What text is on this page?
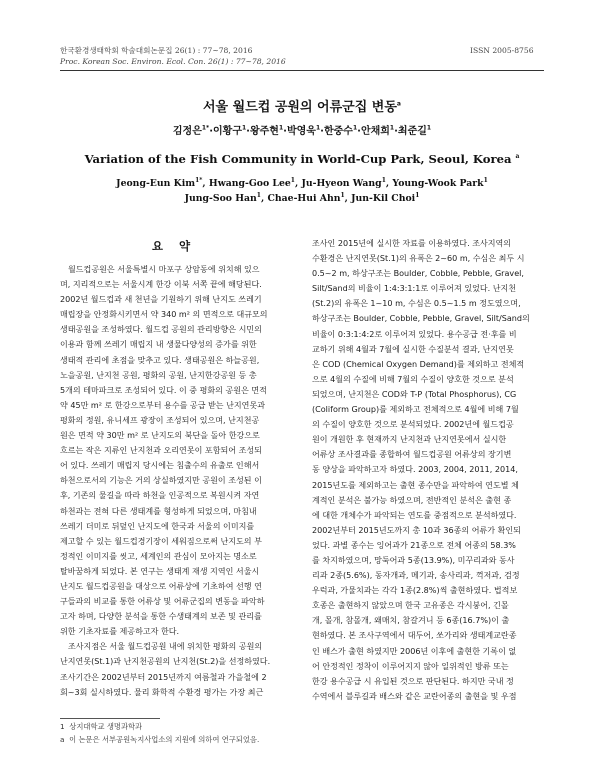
한국환경생태학회 학술대회논문집 26(1) : 77~78, 2016
Proc. Korean Soc. Environ. Ecol. Con. 26(1) : 77~78, 2016
ISSN 2005-8756
서울 월드컵 공원의 어류군집 변동$^a$
김정은$^{1*}$·이황구$^1$·왕주현$^1$·박영욱$^1$·한중수$^1$·안채희$^1$·최준길$^1$
Variation of the Fish Community in World-Cup Park, Seoul, Korea $^a$
Jeong-Eun Kim$^{1*}$, Hwang-Goo Lee$^1$, Ju-Hyeon Wang$^1$, Young-Wook Park$^1$
Jung-Soo Han$^1$, Chae-Hui Ahn$^1$, Jun-Kil Choi$^1$
요 약
월드컵공원은 서울특별시 마포구 상암동에 위치해 있으
며, 지리적으로는 서울시계 한강 이북 서쪽 끝에 해당된다.
2002년 월드컵과 새 천년을 기원하기 위해 난지도 쓰레기
매립장을 안정화시키면서 약 340 m² 의 면적으로 대규모의
생태공원을 조성하였다. 월드컵 공원의 관리방향은 시민의
이용과 함께 쓰레기 매립지 내 생물다양성의 증가를 위한
생태적 관리에 초점을 맞추고 있다. 생태공원은 하늘공원,
노을공원, 난지천 공원, 평화의 공원, 난지한강공원 등 총
5개의 테마파크로 조성되어 있다. 이 중 평화의 공원은 면적
약 45만 m² 로 한강으로부터 용수를 공급 받는 난지연못과
평화의 정원, 유니세프 광장이 조성되어 있으며, 난지천공
원은 면적 약 30만 m² 로 난지도의 북단을 돌아 한강으로
흐르는 작은 지류인 난지천과 오리연못이 포함되어 조성되
어 있다. 쓰레기 매립지 당시에는 침출수의 유출로 인해서
하천으로서의 기능은 거의 상실하였지만 공원이 조성된 이
후, 기존의 물길을 따라 하천을 인공적으로 복원시켜 자연
하천과는 전혀 다른 생태계를 형성하게 되었으며, 마침내
쓰레기 더미로 뒤덮인 난지도에 한국과 서울의 이미지를
제고할 수 있는 월드컵경기장이 세워짐으로써 난지도의 부
정적인 이미지를 씻고, 세계인의 관심이 모아지는 명소로
탈바꿈하게 되었다. 본 연구는 생태계 재생 지역인 서울시
난지도 월드컵공원을 대상으로 어류상에 기초하여 선행 연
구들과의 비교를 통한 어류상 및 어류군집의 변동을 파악하
고자 하며, 다양한 분석을 통한 수생태계의 보존 및 관리를
위한 기초자료를 제공하고자 한다.
조사지점은 서울 월드컵공원 내에 위치한 평화의 공원의
난지연못(St.1)과 난지천공원의 난지천(St.2)을 선정하였다.
조사기간은 2002년부터 2015년까지 여름철과 가을철에 2
회~3회 실시하였다. 물리 화학적 수환경 평가는 가장 최근
조사인 2015년에 실시한 자료를 이용하였다. 조사지역의
수환경은 난지연못(St.1)의 유폭은 2~60 m, 수심은 최두 시
0.5~2 m, 하상구조는 Boulder, Cobble, Pebble, Gravel,
Silt/Sand의 비율이 1:4:3:1:1로 이루어져 있었다. 난지천
(St.2)의 유폭은 1~10 m, 수심은 0.5~1.5 m 정도였으며,
하상구조는 Boulder, Cobble, Pebble, Gravel, Silt/Sand의
비율이 0:3:1:4:2로 이루어져 있었다. 용수공급 전·후를 비
교하기 위해 4월과 7월에 실시한 수질분석 결과, 난지연못
은 COD (Chemical Oxygen Demand)를 제외하고 전체적
으로 4월의 수질에 비해 7월의 수질이 양호한 것으로 분석
되었으며, 난지천은 COD와 T-P (Total Phosphorus), CG
(Coliform Group)를 제외하고 전체적으로 4월에 비해 7월
의 수질이 양호한 것으로 분석되었다. 2002년에 월드컵공
원이 개원한 후 현재까지 난지천과 난지연못에서 실시한
어류상 조사결과를 종합하여 월드컵공원 어류상의 장기변
동 양상을 파악하고자 하였다. 2003, 2004, 2011, 2014,
2015년도를 제외하고는 출현 종수만을 파악하여 연도별 체
계적인 분석은 불가능 하였으며, 전반적인 분석은 출현 종
에 대한 개체수가 파악되는 연도를 중점적으로 분석하였다.
2002년부터 2015년도까지 총 10과 36종의 어류가 확인되
었다. 과별 종수는 잉어과가 21종으로 전체 어종의 58.3%
를 차지하였으며, 망둑어과 5종(13.9%), 미꾸리과와 동사
리과 2종(5.6%), 동자개과, 메기과, 송사리과, 꺽저과, 검정
우럭과, 가물치과는 각각 1종(2.8%)씩 출현하였다. 법적보
호종은 출현하지 않았으며 한국 고유종은 각시붕어, 긴몰
개, 몰개, 참몰개, 왜매치, 참갈겨니 등 6종(16.7%)이 출
현하였다. 본 조사구역에서 대두어, 쏘가리와 생태계교란종
인 배스가 출현 하였지만 2006년 이후에 출현한 기록이 없
어 안정적인 정착이 이루어지지 않아 일위적인 방류 또는
한강 용수공급 시 유입된 것으로 판단된다. 하지만 국내 정
수역에서 블루길과 배스와 같은 교란어종의 출현을 및 우점
1 상지대학교 생명과학과
a 이 논문은 서부공원녹지사업소의 지원에 의하여 연구되었음.
